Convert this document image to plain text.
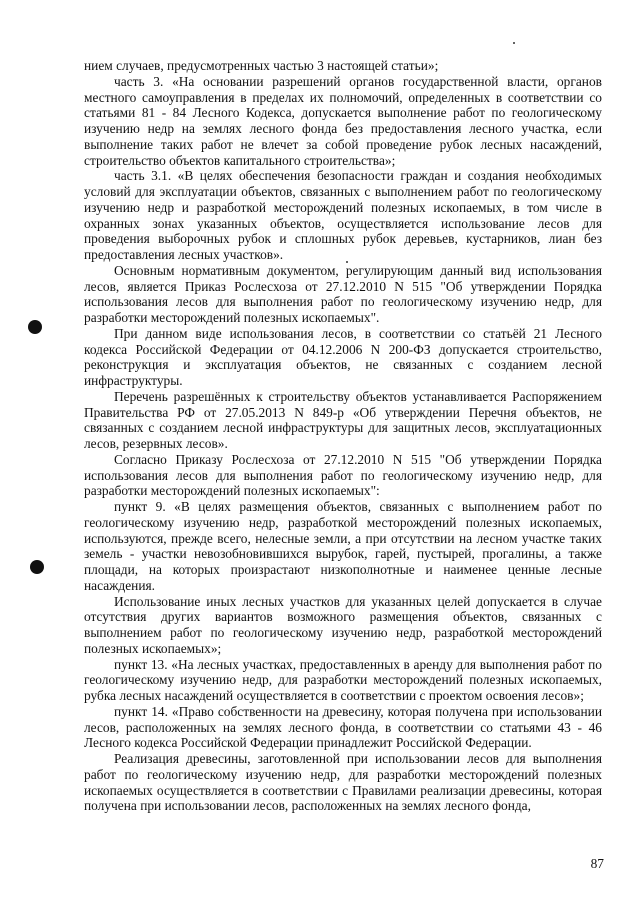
нием случаев, предусмотренных частью 3 настоящей статьи»;

часть 3. «На основании разрешений органов государственной власти, органов местного самоуправления в пределах их полномочий, определенных в соответствии со статьями 81 - 84 Лесного Кодекса, допускается выполнение работ по геологическому изучению недр на землях лесного фонда без предоставления лесного участка, если выполнение таких работ не влечет за собой проведение рубок лесных насаждений, строительство объектов капитального строительства»;

часть 3.1. «В целях обеспечения безопасности граждан и создания необходимых условий для эксплуатации объектов, связанных с выполнением работ по геологическому изучению недр и разработкой месторождений полезных ископаемых, в том числе в охранных зонах указанных объектов, осуществляется использование лесов для проведения выборочных рубок и сплошных рубок деревьев, кустарников, лиан без предоставления лесных участков».

Основным нормативным документом, регулирующим данный вид использования лесов, является Приказ Рослесхоза от 27.12.2010 N 515 "Об утверждении Порядка использования лесов для выполнения работ по геологическому изучению недр, для разработки месторождений полезных ископаемых".

При данном виде использования лесов, в соответствии со статьёй 21 Лесного кодекса Российской Федерации от 04.12.2006 N 200-ФЗ допускается строительство, реконструкция и эксплуатация объектов, не связанных с созданием лесной инфраструктуры.

Перечень разрешённых к строительству объектов устанавливается Распоряжением Правительства РФ от 27.05.2013 N 849-р «Об утверждении Перечня объектов, не связанных с созданием лесной инфраструктуры для защитных лесов, эксплуатационных лесов, резервных лесов».

Согласно Приказу Рослесхоза от 27.12.2010 N 515 "Об утверждении Порядка использования лесов для выполнения работ по геологическому изучению недр, для разработки месторождений полезных ископаемых":

пункт 9. «В целях размещения объектов, связанных с выполнением работ по геологическому изучению недр, разработкой месторождений полезных ископаемых, используются, прежде всего, нелесные земли, а при отсутствии на лесном участке таких земель - участки невозобновившихся вырубок, гарей, пустырей, прогалины, а также площади, на которых произрастают низкополнотные и наименее ценные лесные насаждения.

Использование иных лесных участков для указанных целей допускается в случае отсутствия других вариантов возможного размещения объектов, связанных с выполнением работ по геологическому изучению недр, разработкой месторождений полезных ископаемых»;

пункт 13. «На лесных участках, предоставленных в аренду для выполнения работ по геологическому изучению недр, для разработки месторождений полезных ископаемых, рубка лесных насаждений осуществляется в соответствии с проектом освоения лесов»;

пункт 14. «Право собственности на древесину, которая получена при использовании лесов, расположенных на землях лесного фонда, в соответствии со статьями 43 - 46 Лесного кодекса Российской Федерации принадлежит Российской Федерации.

Реализация древесины, заготовленной при использовании лесов для выполнения работ по геологическому изучению недр, для разработки месторождений полезных ископаемых осуществляется в соответствии с Правилами реализации древесины, которая получена при использовании лесов, расположенных на землях лесного фонда,

87
